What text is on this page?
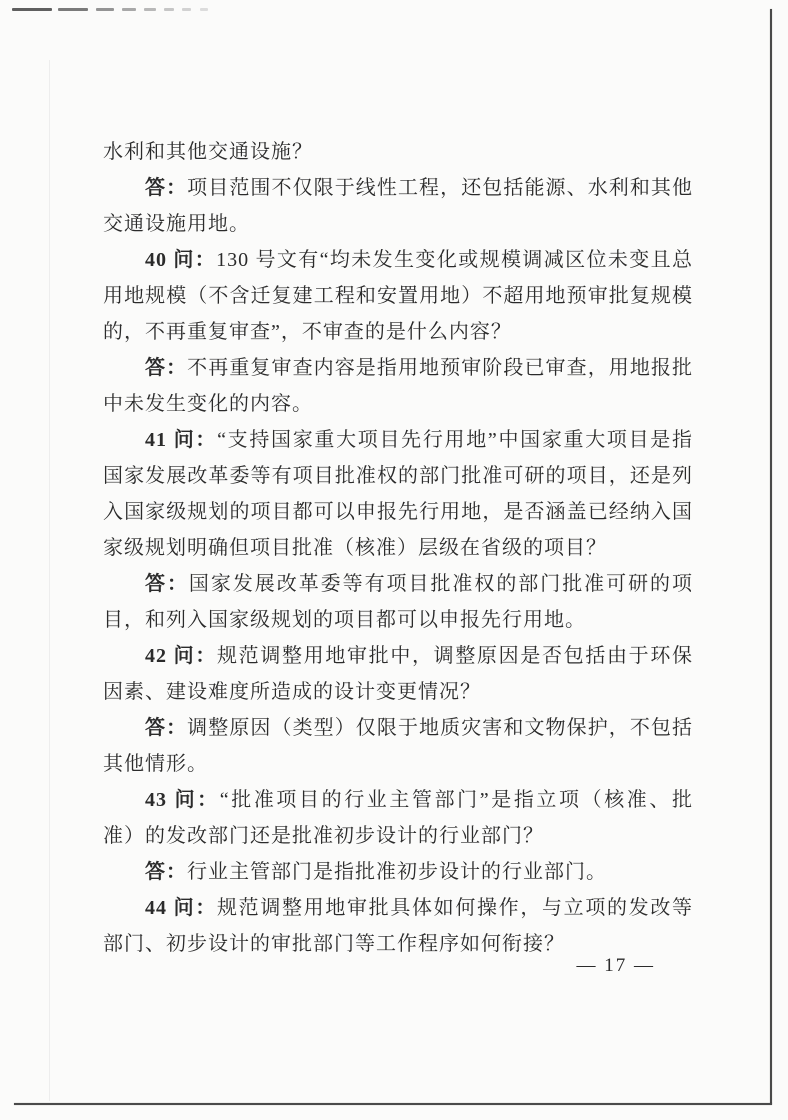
水利和其他交通设施？
答：项目范围不仅限于线性工程，还包括能源、水利和其他
交通设施用地。
40 问：130 号文有“均未发生变化或规模调减区位未变且总
用地规模（不含迁复建工程和安置用地）不超用地预审批复规模
的，不再重复审查”，不审查的是什么内容？
答：不再重复审查内容是指用地预审阶段已审查，用地报批
中未发生变化的内容。
41 问：“支持国家重大项目先行用地”中国家重大项目是指
国家发展改革委等有项目批准权的部门批准可研的项目，还是列
入国家级规划的项目都可以申报先行用地，是否涵盖已经纳入国
家级规划明确但项目批准（核准）层级在省级的项目？
答：国家发展改革委等有项目批准权的部门批准可研的项
目，和列入国家级规划的项目都可以申报先行用地。
42 问：规范调整用地审批中，调整原因是否包括由于环保
因素、建设难度所造成的设计变更情况？
答：调整原因（类型）仅限于地质灾害和文物保护，不包括
其他情形。
43 问：“批准项目的行业主管部门”是指立项（核准、批
准）的发改部门还是批准初步设计的行业部门？
答：行业主管部门是指批准初步设计的行业部门。
44 问：规范调整用地审批具体如何操作，与立项的发改等
部门、初步设计的审批部门等工作程序如何衔接？
— 17 —
